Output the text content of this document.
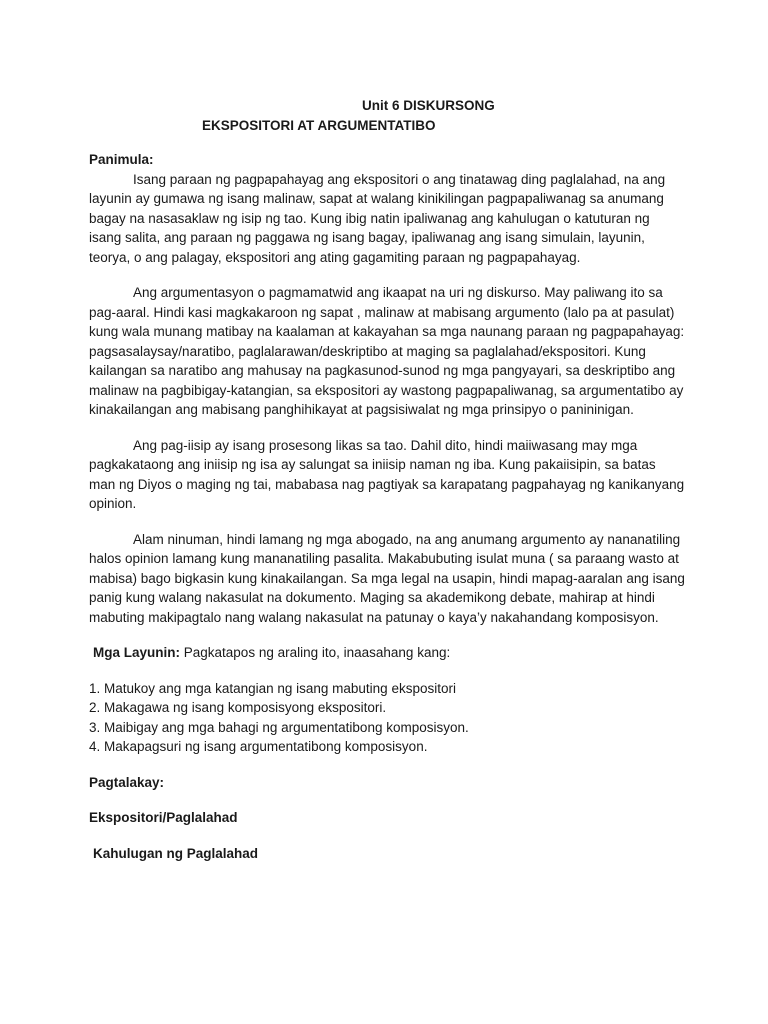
Unit 6 DISKURSONG

EKSPOSITORI AT ARGUMENTATIBO

Panimula:

Isang paraan ng pagpapahayag ang ekspositori o ang tinatawag ding paglalahad, na ang layunin ay gumawa ng isang malinaw, sapat at walang kinikilingan pagpapaliwanag sa anumang bagay na nasasaklaw ng isip ng tao. Kung ibig natin ipaliwanag ang kahulugan o katuturan ng isang salita, ang paraan ng paggawa ng isang bagay, ipaliwanag ang isang simulain, layunin, teorya, o ang palagay, ekspositori ang ating gagamiting paraan ng pagpapahayag.

Ang argumentasyon o pagmamatwid ang ikaapat na uri ng diskurso. May paliwang ito sa pag-aaral. Hindi kasi magkakaroon ng sapat , malinaw at mabisang argumento (lalo pa at pasulat) kung wala munang matibay na kaalaman at kakayahan sa mga naunang paraan ng pagpapahayag: pagsasalaysay/naratibo, paglalarawan/deskriptibo at maging sa paglalahad/ekspositori. Kung kailangan sa naratibo ang mahusay na pagkasunod-sunod ng mga pangyayari, sa deskriptibo ang malinaw na pagbibigay-katangian, sa ekspositori ay wastong pagpapaliwanag, sa argumentatibo ay kinakailangan ang mabisang panghihikayat at pagsisiwalat ng mga prinsipyo o panininigan.

Ang pag-iisip ay isang prosesong likas sa tao. Dahil dito, hindi maiiwasang may mga pagkakataong ang iniisip ng isa ay salungat sa iniisip naman ng iba. Kung pakaiisipin, sa batas man ng Diyos o maging ng tai, mababasa nag pagtiyak sa karapatang pagpahayag ng kanikanyang opinion.

Alam ninuman, hindi lamang ng mga abogado, na ang anumang argumento ay nananatiling halos opinion lamang kung mananatiling pasalita. Makabubuting isulat muna ( sa paraang wasto at mabisa) bago bigkasin kung kinakailangan. Sa mga legal na usapin, hindi mapag-aaralan ang isang panig kung walang nakasulat na dokumento. Maging sa akademikong debate, mahirap at hindi mabuting makipagtalo nang walang nakasulat na patunay o kaya’y nakahandang komposisyon.

Mga Layunin: Pagkatapos ng araling ito, inaasahang kang:

1. Matukoy ang mga katangian ng isang mabuting ekspositori
2. Makagawa ng isang komposisyong ekspositori.
3. Maibigay ang mga bahagi ng argumentatibong komposisyon.
4. Makapagsuri ng isang argumentatibong komposisyon.

Pagtalakay:

Ekspositori/Paglalahad

Kahulugan ng Paglalahad
